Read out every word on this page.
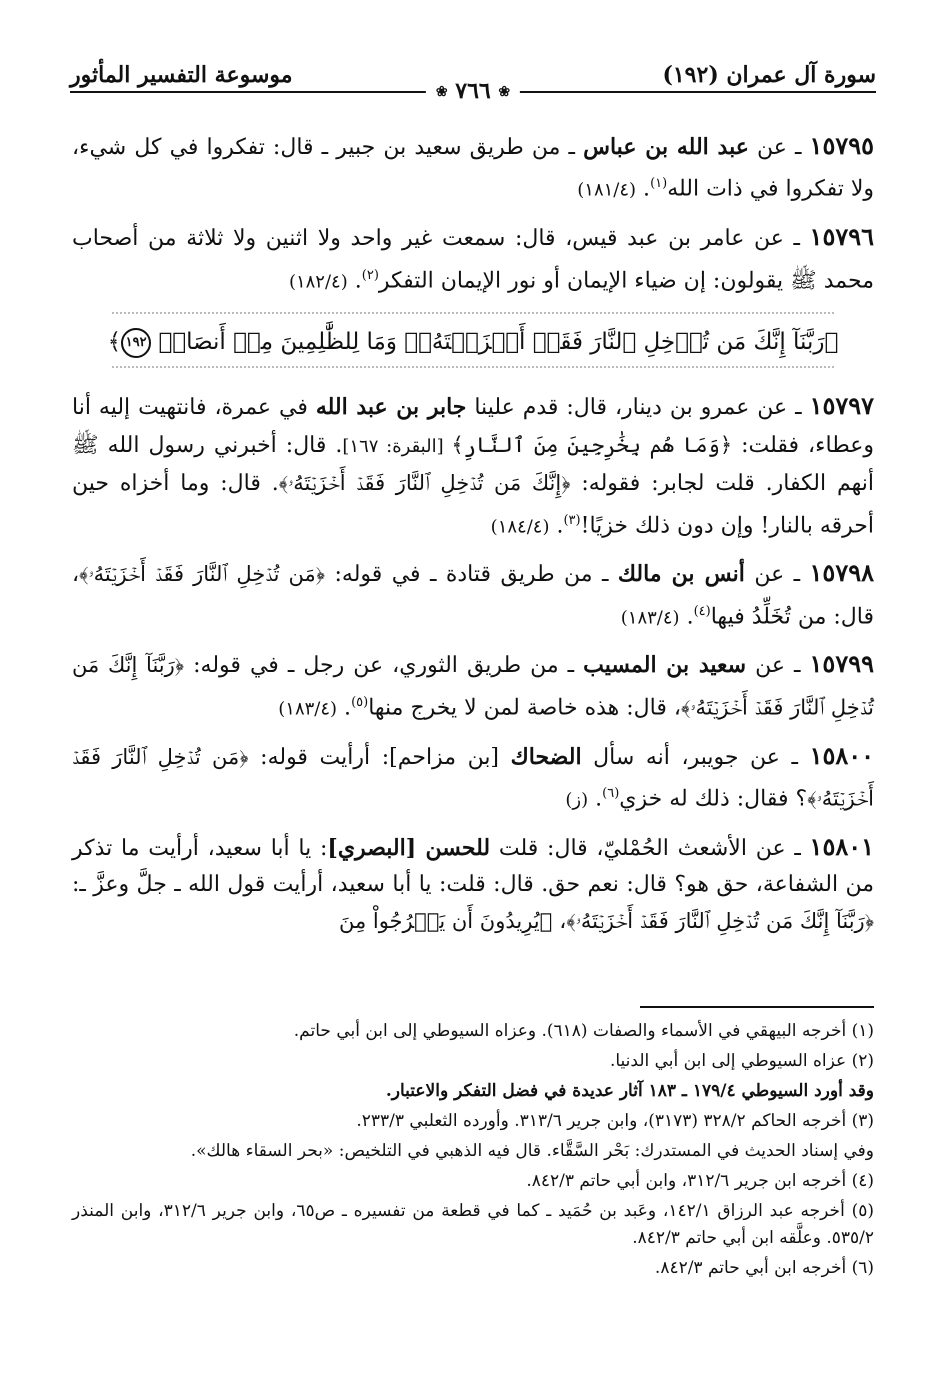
سورة آل عمران (١٩٢)
موسوعة التفسير المأثور
❀ ٧٦٦ ❀

١٥٧٩٥ ـ عن عبد الله بن عباس ـ من طريق سعيد بن جبير ـ قال: تفكروا في كل شيء، ولا تفكروا في ذات الله$^{(١)}$. (١٨١/٤)

١٥٧٩٦ ـ عن عامر بن عبد قيس، قال: سمعت غير واحد ولا اثنين ولا ثلاثة من أصحاب محمد ﷺ يقولون: إن ضياء الإيمان أو نور الإيمان التفكر$^{(٢)}$. (١٨٢/٤)

﴿رَبَّنَآ إِنَّكَ مَن تُدۡخِلِ ٱلنَّارَ فَقَدۡ أَخۡزَيۡتَهُۥۖ وَمَا لِلظَّٰلِمِينَ مِنۡ أَنصَارٖ ١٩٢﴾

١٥٧٩٧ ـ عن عمرو بن دينار، قال: قدم علينا جابر بن عبد الله في عمرة، فانتهيت إليه أنا وعطاء، فقلت: ﴿وَمَا هُم بِخَٰرِجِينَ مِنَ ٱلنَّارِ﴾ [البقرة: ١٦٧]. قال: أخبرني رسول الله ﷺ أنهم الكفار. قلت لجابر: فقوله: ﴿إِنَّكَ مَن تُدۡخِلِ ٱلنَّارَ فَقَدۡ أَخۡزَيۡتَهُۥ﴾. قال: وما أخزاه حين أحرقه بالنار! وإن دون ذلك خزيًا!$^{(٣)}$. (١٨٤/٤)

١٥٧٩٨ ـ عن أنس بن مالك ـ من طريق قتادة ـ في قوله: ﴿مَن تُدۡخِلِ ٱلنَّارَ فَقَدۡ أَخۡزَيۡتَهُۥ﴾، قال: من تُخَلِّدُ فيها$^{(٤)}$. (١٨٣/٤)

١٥٧٩٩ ـ عن سعيد بن المسيب ـ من طريق الثوري، عن رجل ـ في قوله: ﴿رَبَّنَآ إِنَّكَ مَن تُدۡخِلِ ٱلنَّارَ فَقَدۡ أَخۡزَيۡتَهُۥ﴾، قال: هذه خاصة لمن لا يخرج منها$^{(٥)}$. (١٨٣/٤)

١٥٨٠٠ ـ عن جويبر، أنه سأل الضحاك [بن مزاحم]: أرأيت قوله: ﴿مَن تُدۡخِلِ ٱلنَّارَ فَقَدۡ أَخۡزَيۡتَهُۥ﴾؟ فقال: ذلك له خزي$^{(٦)}$. (ز)

١٥٨٠١ ـ عن الأشعث الحُمْليّ، قال: قلت للحسن [البصري]: يا أبا سعيد، أرأيت ما تذكر من الشفاعة، حق هو؟ قال: نعم حق. قال: قلت: يا أبا سعيد، أرأيت قول الله ـ جلَّ وعزَّ ـ: ﴿رَبَّنَآ إِنَّكَ مَن تُدۡخِلِ ٱلنَّارَ فَقَدۡ أَخۡزَيۡتَهُۥ﴾، ﴿يُرِيدُونَ أَن يَخۡرُجُواْ مِنَ

(١) أخرجه البيهقي في الأسماء والصفات (٦١٨). وعزاه السيوطي إلى ابن أبي حاتم.
(٢) عزاه السيوطي إلى ابن أبي الدنيا.
وقد أورد السيوطي ١٧٩/٤ ـ ١٨٣ آثار عديدة في فضل التفكر والاعتبار.
(٣) أخرجه الحاكم ٣٢٨/٢ (٣١٧٣)، وابن جرير ٣١٣/٦. وأورده الثعلبي ٢٣٣/٣.
وفي إسناد الحديث في المستدرك: بَحْر السَّقَّاء. قال فيه الذهبي في التلخيص: «بحر السقاء هالك».
(٤) أخرجه ابن جرير ٣١٢/٦، وابن أبي حاتم ٨٤٢/٣.
(٥) أخرجه عبد الرزاق ١٤٢/١، وعَبد بن حُمَيد ـ كما في قطعة من تفسيره ـ ص٦٥، وابن جرير ٣١٢/٦، وابن المنذر ٥٣٥/٢. وعلَّقه ابن أبي حاتم ٨٤٢/٣.
(٦) أخرجه ابن أبي حاتم ٨٤٢/٣.
